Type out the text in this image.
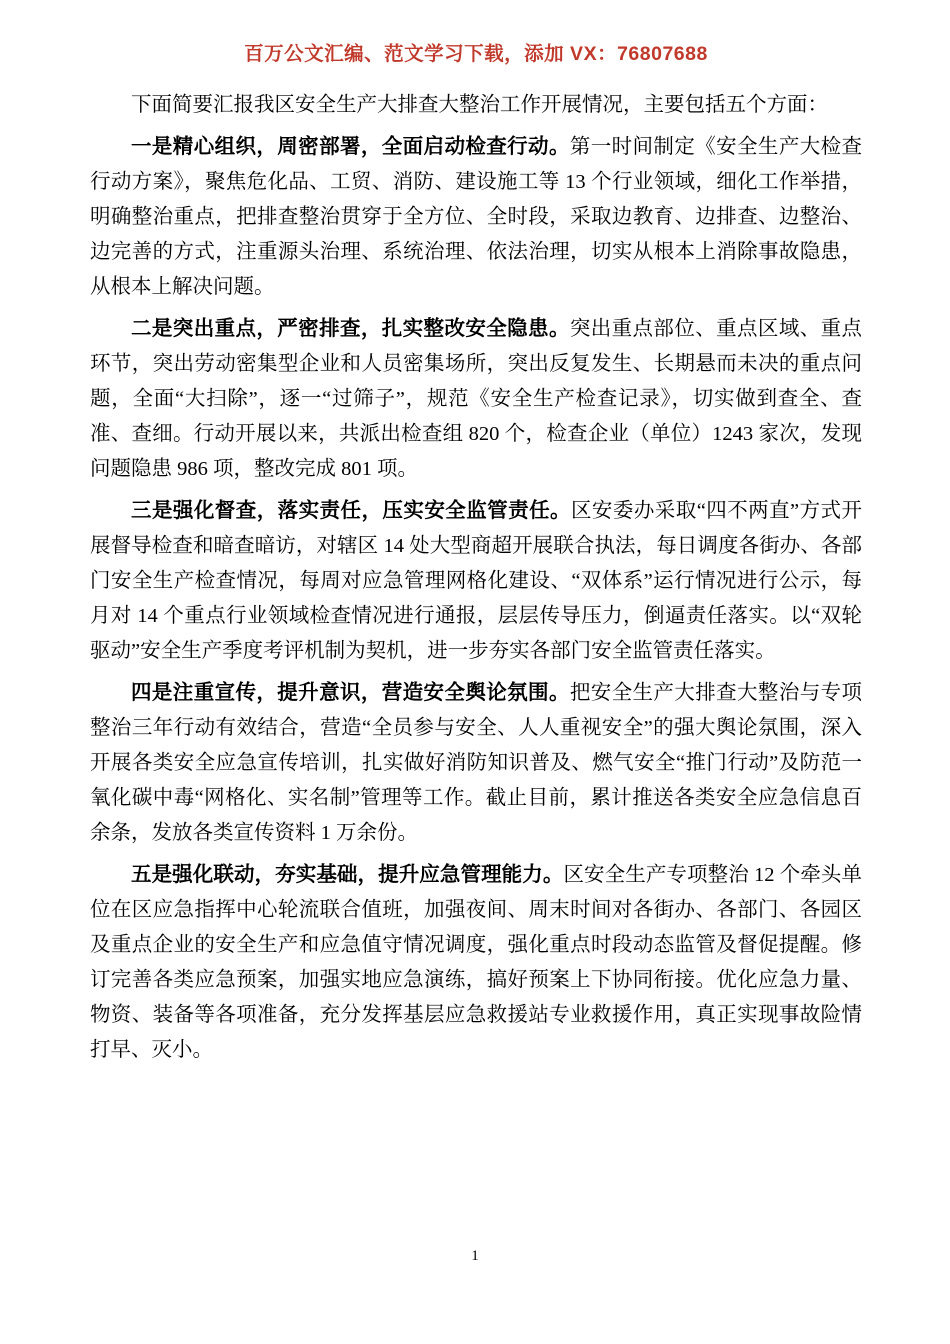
百万公文汇编、范文学习下载，添加 VX：76807688

下面简要汇报我区安全生产大排查大整治工作开展情况，主要包括五个方面：

一是精心组织，周密部署，全面启动检查行动。第一时间制定《安全生产大检查行动方案》，聚焦危化品、工贸、消防、建设施工等 13 个行业领域，细化工作举措，明确整治重点，把排查整治贯穿于全方位、全时段，采取边教育、边排查、边整治、边完善的方式，注重源头治理、系统治理、依法治理，切实从根本上消除事故隐患，从根本上解决问题。

二是突出重点，严密排查，扎实整改安全隐患。突出重点部位、重点区域、重点环节，突出劳动密集型企业和人员密集场所，突出反复发生、长期悬而未决的重点问题，全面“大扫除”，逐一“过筛子”，规范《安全生产检查记录》，切实做到查全、查准、查细。行动开展以来，共派出检查组 820 个，检查企业（单位）1243 家次，发现问题隐患 986 项，整改完成 801 项。

三是强化督查，落实责任，压实安全监管责任。区安委办采取“四不两直”方式开展督导检查和暗查暗访，对辖区 14 处大型商超开展联合执法，每日调度各街办、各部门安全生产检查情况，每周对应急管理网格化建设、“双体系”运行情况进行公示，每月对 14 个重点行业领域检查情况进行通报，层层传导压力，倒逼责任落实。以“双轮驱动”安全生产季度考评机制为契机，进一步夯实各部门安全监管责任落实。

四是注重宣传，提升意识，营造安全舆论氛围。把安全生产大排查大整治与专项整治三年行动有效结合，营造“全员参与安全、人人重视安全”的强大舆论氛围，深入开展各类安全应急宣传培训，扎实做好消防知识普及、燃气安全“推门行动”及防范一氧化碳中毒“网格化、实名制”管理等工作。截止目前，累计推送各类安全应急信息百余条，发放各类宣传资料 1 万余份。

五是强化联动，夯实基础，提升应急管理能力。区安全生产专项整治 12 个牵头单位在区应急指挥中心轮流联合值班，加强夜间、周末时间对各街办、各部门、各园区及重点企业的安全生产和应急值守情况调度，强化重点时段动态监管及督促提醒。修订完善各类应急预案，加强实地应急演练，搞好预案上下协同衔接。优化应急力量、物资、装备等各项准备，充分发挥基层应急救援站专业救援作用，真正实现事故险情打早、灭小。

1
